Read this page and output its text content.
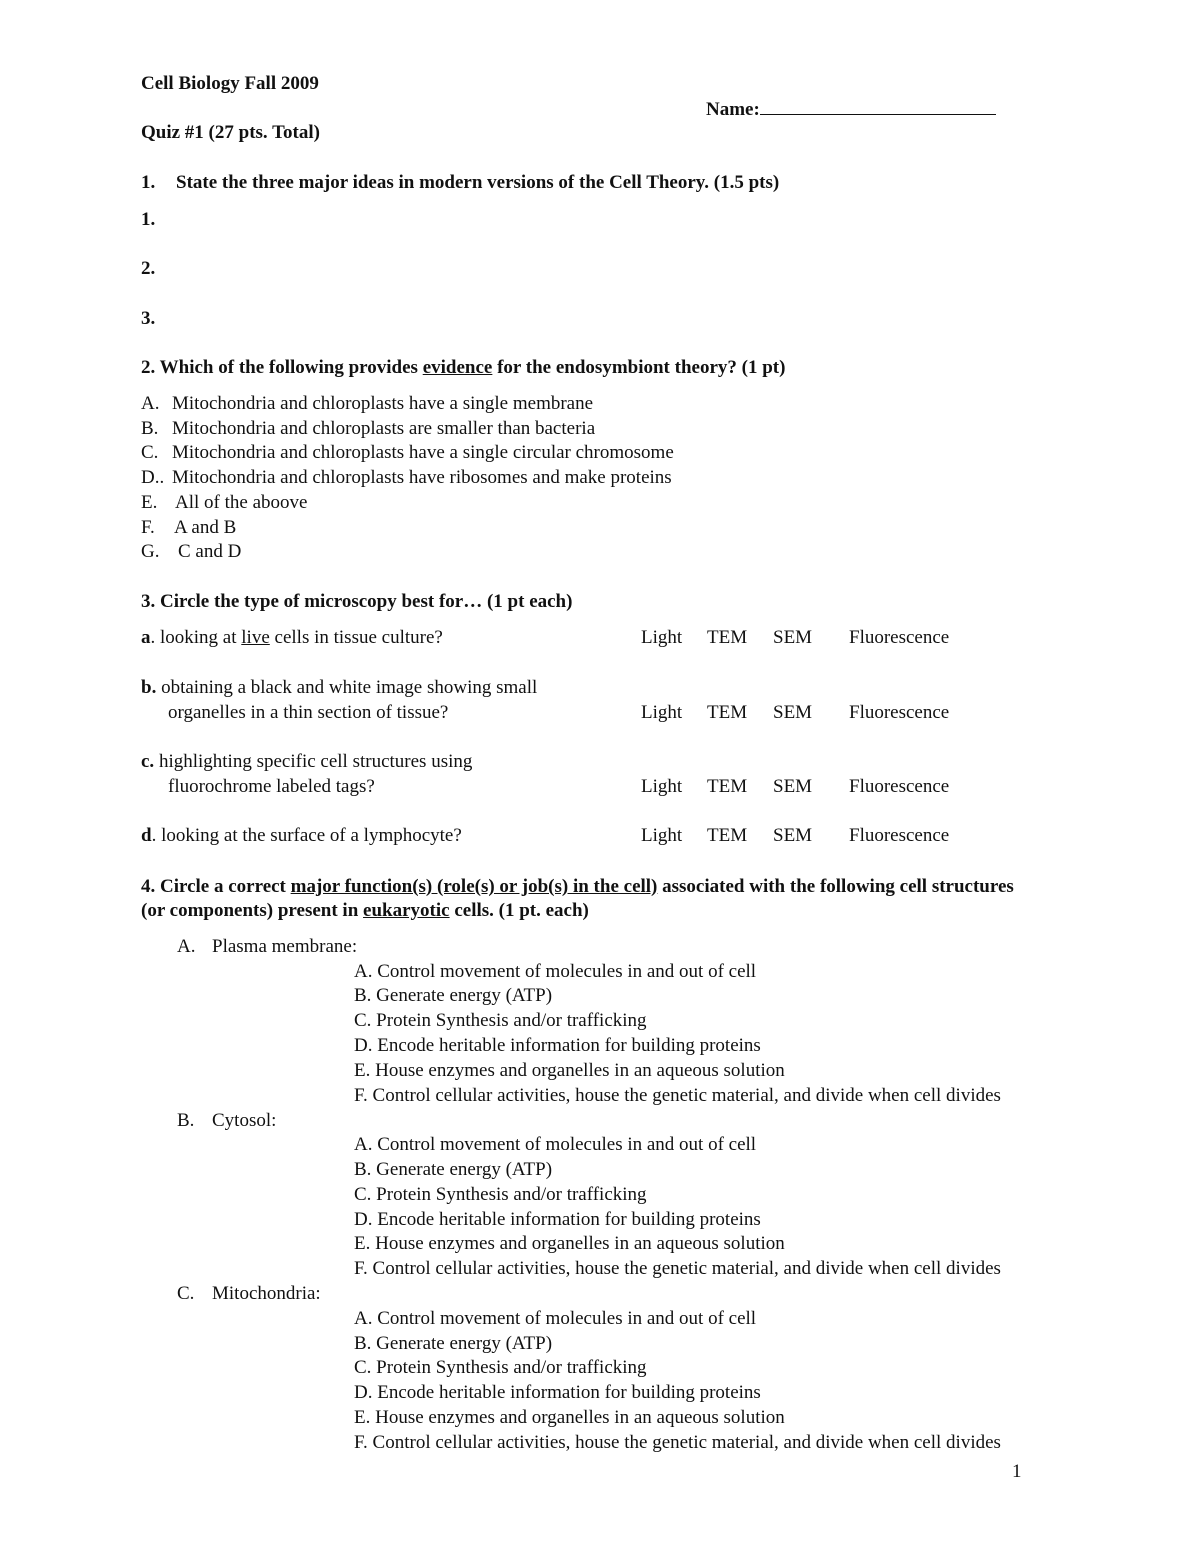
Cell Biology Fall 2009
Name:
Quiz #1 (27 pts. Total)
1. State the three major ideas in modern versions of the Cell Theory. (1.5 pts)
1.
2.
3.
2. Which of the following provides evidence for the endosymbiont theory? (1 pt)
A. Mitochondria and chloroplasts have a single membrane
B. Mitochondria and chloroplasts are smaller than bacteria
C. Mitochondria and chloroplasts have a single circular chromosome
D.. Mitochondria and chloroplasts have ribosomes and make proteins
E. All of the aboove
F. A and B
G. C and D
3. Circle the type of microscopy best for… (1 pt each)
a. looking at live cells in tissue culture?	Light TEM SEM Fluorescence
b. obtaining a black and white image showing small
organelles in a thin section of tissue?	Light TEM SEM Fluorescence
c. highlighting specific cell structures using
fluorochrome labeled tags?	Light TEM SEM Fluorescence
d. looking at the surface of a lymphocyte?	Light TEM SEM Fluorescence
4. Circle a correct major function(s) (role(s) or job(s) in the cell) associated with the following cell structures
(or components) present in eukaryotic cells. (1 pt. each)
A. Plasma membrane:
A. Control movement of molecules in and out of cell
B. Generate energy (ATP)
C. Protein Synthesis and/or trafficking
D. Encode heritable information for building proteins
E. House enzymes and organelles in an aqueous solution
F. Control cellular activities, house the genetic material, and divide when cell divides
B. Cytosol:
A. Control movement of molecules in and out of cell
B. Generate energy (ATP)
C. Protein Synthesis and/or trafficking
D. Encode heritable information for building proteins
E. House enzymes and organelles in an aqueous solution
F. Control cellular activities, house the genetic material, and divide when cell divides
C. Mitochondria:
A. Control movement of molecules in and out of cell
B. Generate energy (ATP)
C. Protein Synthesis and/or trafficking
D. Encode heritable information for building proteins
E. House enzymes and organelles in an aqueous solution
F. Control cellular activities, house the genetic material, and divide when cell divides
1
